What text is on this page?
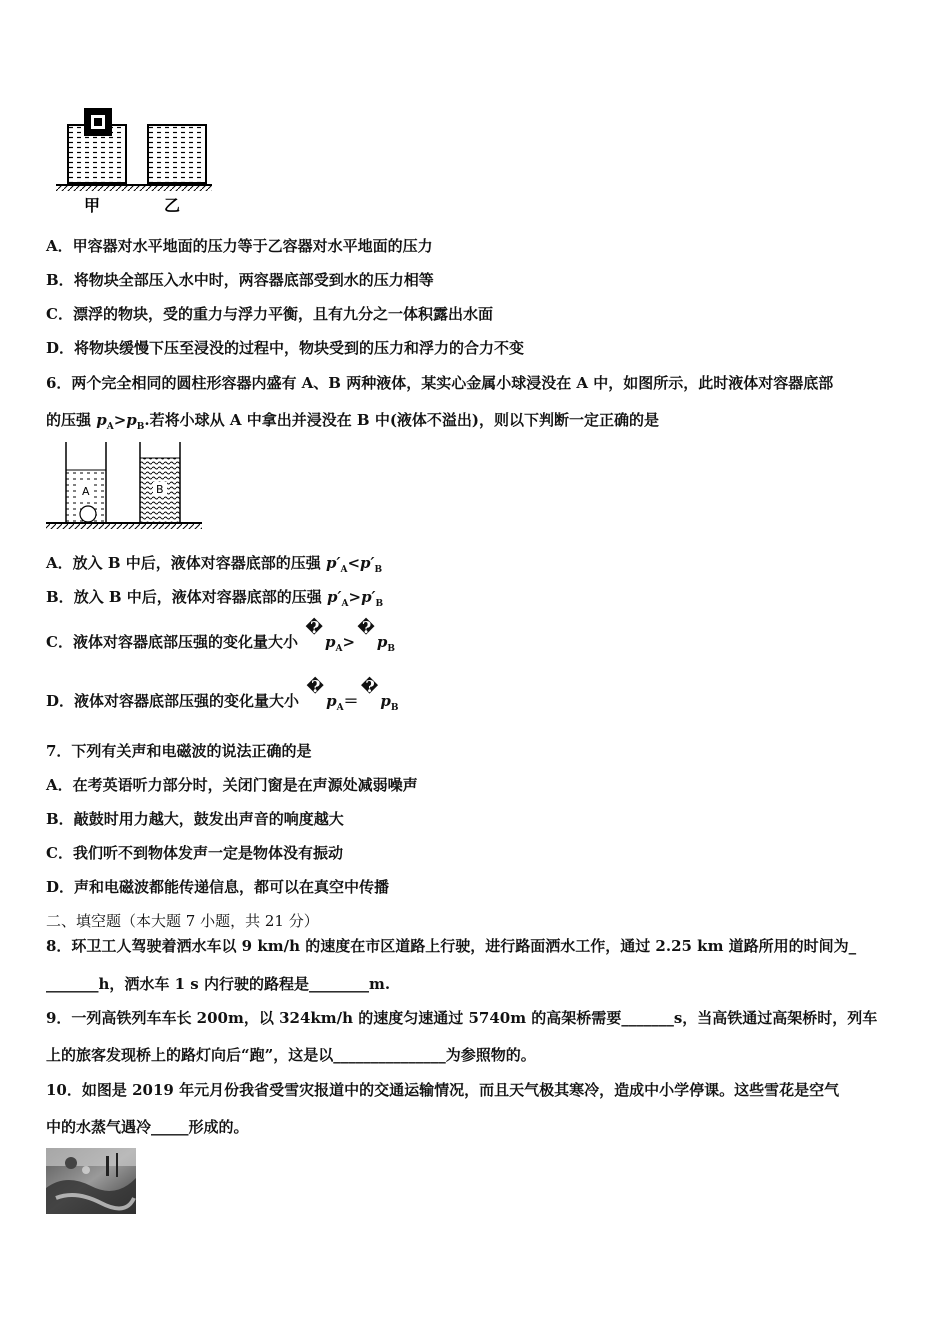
甲	乙
A．甲容器对水平地面的压力等于乙容器对水平地面的压力
B．将物块全部压入水中时，两容器底部受到水的压力相等
C．漂浮的物块，受的重力与浮力平衡，且有九分之一体积露出水面
D．将物块缓慢下压至浸没的过程中，物块受到的压力和浮力的合力不变
6．两个完全相同的圆柱形容器内盛有 A、B 两种液体，某实心金属小球浸没在 A 中，如图所示，此时液体对容器底部
的压强 $p_A>p_B$.若将小球从 A 中拿出并浸没在 B 中(液体不溢出)，则以下判断一定正确的是
A	B
A．放入 B 中后，液体对容器底部的压强 $p'_A<p'_B$
B．放入 B 中后，液体对容器底部的压强 $p'_A>p'_B$
C．液体对容器底部压强的变化量大小 $�p_A>�p_B$
D．液体对容器底部压强的变化量大小 $�p_A=�p_B$
7．下列有关声和电磁波的说法正确的是
A．在考英语听力部分时，关闭门窗是在声源处减弱噪声
B．敲鼓时用力越大，鼓发出声音的响度越大
C．我们听不到物体发声一定是物体没有振动
D．声和电磁波都能传递信息，都可以在真空中传播
二、填空题（本大题 7 小题，共 21 分）
8．环卫工人驾驶着洒水车以 9 km/h 的速度在市区道路上行驶，进行路面洒水工作，通过 2.25 km 道路所用的时间为_
_______h，洒水车 1 s 内行驶的路程是________m.
9．一列高铁列车车长 200m，以 324km/h 的速度匀速通过 5740m 的高架桥需要_______s，当高铁通过高架桥时，列车
上的旅客发现桥上的路灯向后“跑”，这是以_______________为参照物的。
10．如图是 2019 年元月份我省受雪灾报道中的交通运输情况，而且天气极其寒冷，造成中小学停课。这些雪花是空气
中的水蒸气遇冷_____形成的。
